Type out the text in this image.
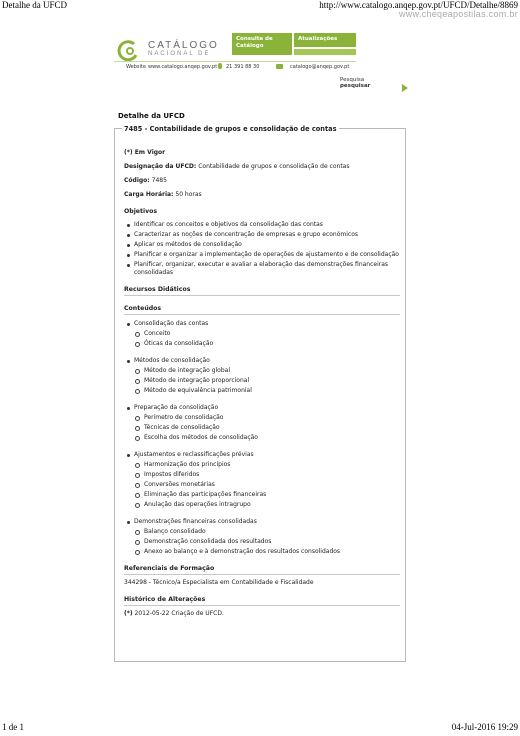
Detalhe da UFCD	http://www.catalogo.anqep.gov.pt/UFCD/Detalhe/8869
www.cheqeapostilas.com.br
CATÁLOGO
NACIONAL DE
Consulta de Catálogo
Atualizações
Website www.catalogo.anqep.gov.pt 21 391 88 30	catalogo@anqep.gov.pt
Pesquisa
pesquisar
Detalhe da UFCD
7485 - Contabilidade de grupos e consolidação de contas
(*) Em Vigor
Designação da UFCD: Contabilidade de grupos e consolidação de contas
Código: 7485
Carga Horária: 50 horas
Objetivos
Identificar os conceitos e objetivos da consolidação das contas
Caracterizar as noções de concentração de empresas e grupo económicos
Aplicar os métodos de consolidação
Planificar e organizar a implementação de operações de ajustamento e de consolidação
Planificar, organizar, executar e avaliar a elaboração das demonstrações financeiras consolidadas
Recursos Didáticos
Conteúdos
Consolidação das contas
Conceito
Óticas da consolidação
Métodos de consolidação
Método de integração global
Método de integração proporcional
Método de equivalência patrimonial
Preparação da consolidação
Perímetro de consolidação
Técnicas de consolidação
Escolha dos métodos de consolidação
Ajustamentos e reclassificações prévias
Harmonização dos princípios
Impostos diferidos
Conversões monetárias
Eliminação das participações financeiras
Anulação das operações intragrupo
Demonstrações financeiras consolidadas
Balanço consolidado
Demonstração consolidada dos resultados
Anexo ao balanço e à demonstração dos resultados consolidados
Referenciais de Formação
344298 - Técnico/a Especialista em Contabilidade e Fiscalidade
Histórico de Alterações
(*) 2012-05-22 Criação de UFCD.
1 de 1	04-Jul-2016 19:29
